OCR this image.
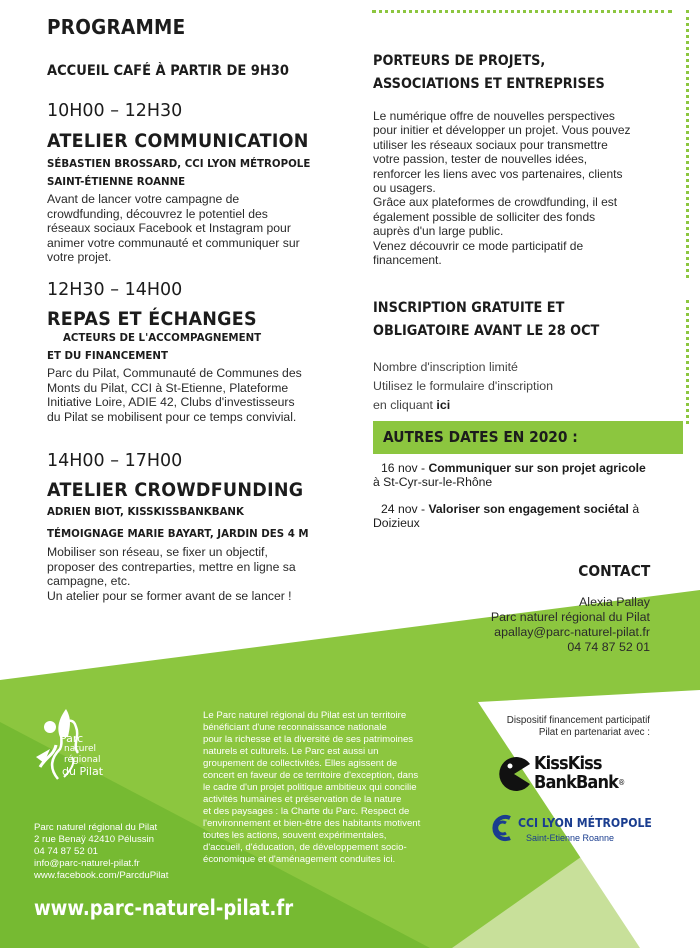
PROGRAMME
ACCUEIL CAFÉ À PARTIR DE 9H30
10H00 – 12H30
ATELIER COMMUNICATION
SÉBASTIEN BROSSARD, CCI LYON MÉTROPOLE
SAINT-ÉTIENNE ROANNE

Avant de lancer votre campagne de

crowdfunding, découvrez le potentiel des

réseaux sociaux Facebook et Instagram pour

animer votre communauté et communiquer sur

votre projet.

12H30 – 14H00
REPAS ET ÉCHANGES
ACTEURS DE L'ACCOMPAGNEMENT
ET DU FINANCEMENT

Parc du Pilat, Communauté de Communes des

Monts du Pilat, CCI à St-Etienne, Plateforme

Initiative Loire, ADIE 42, Clubs d'investisseurs

du Pilat se mobilisent pour ce temps convivial.

14H00 – 17H00
ATELIER CROWDFUNDING
ADRIEN BIOT, KISSKISSBANKBANK
TÉMOIGNAGE MARIE BAYART, JARDIN DES 4 M

Mobiliser son réseau, se fixer un objectif,

proposer des contreparties, mettre en ligne sa

campagne, etc.

Un atelier pour se former avant de se lancer !

PORTEURS DE PROJETS,
ASSOCIATIONS ET ENTREPRISES

Le numérique offre de nouvelles perspectives

pour initier et développer un projet. Vous pouvez

utiliser les réseaux sociaux pour transmettre

votre passion, tester de nouvelles idées,

renforcer les liens avec vos partenaires, clients

ou usagers.

Grâce aux plateformes de crowdfunding, il est

également possible de solliciter des fonds

auprès d'un large public.

Venez découvrir ce mode participatif de

financement.

INSCRIPTION GRATUITE ET
OBLIGATOIRE AVANT LE 28 OCT

Nombre d'inscription limité

Utilisez le formulaire d'inscription

en cliquant ici

AUTRES DATES EN 2020 :
16 nov - Communiquer sur son projet agricole
à St-Cyr-sur-le-Rhône
24 nov - Valoriser son engagement sociétal à
Doizieux
CONTACT

Alexia Pallay

Parc naturel régional du Pilat

apallay@parc-naturel-pilat.fr

04 74 87 52 01

Parc
naturel
régional
du Pilat
Parc naturel régional du Pilat
2 rue Benaÿ 42410 Pélussin
04 74 87 52 01
info@parc-naturel-pilat.fr
www.facebook.com/ParcduPilat
Le Parc naturel régional du Pilat est un territoire
bénéficiant d'une reconnaissance nationale
pour la richesse et la diversité de ses patrimoines
naturels et culturels. Le Parc est aussi un
groupement de collectivités. Elles agissent de
concert en faveur de ce territoire d'exception, dans
le cadre d'un projet politique ambitieux qui concilie
activités humaines et préservation de la nature
et des paysages : la Charte du Parc. Respect de
l'environnement et bien-être des habitants motivent
toutes les actions, souvent expérimentales,
d'accueil, d'éducation, de développement socio-
économique et d'aménagement conduites ici.
Dispositif financement participatif
Pilat en partenariat avec :
KissKiss
BankBank®
CCI LYON MÉTROPOLE
Saint-Etienne Roanne
www.parc-naturel-pilat.fr
